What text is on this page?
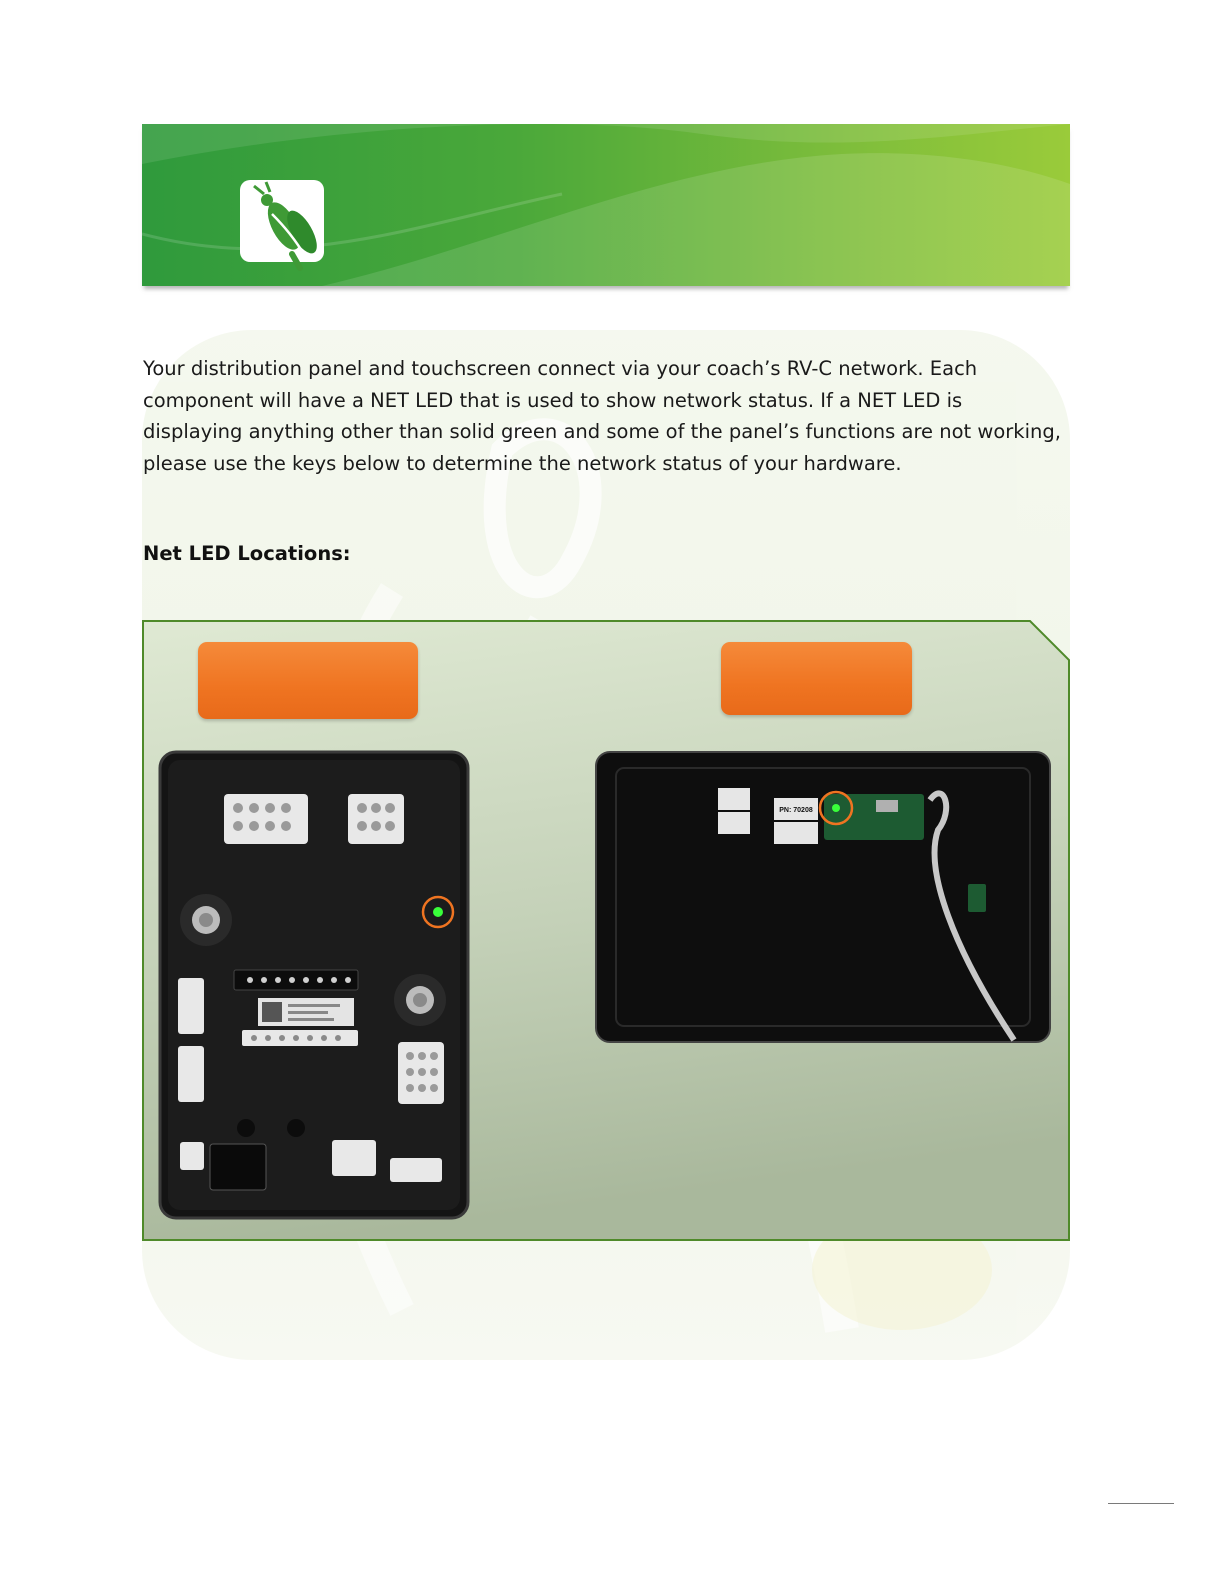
Your distribution panel and touchscreen connect via your coach’s RV-C network. Each component will have a NET LED that is used to show network status. If a NET LED is displaying anything other than solid green and some of the panel’s functions are not working, please use the keys below to determine the network status of your hardware.

Net LED Locations:
PN: 70208
